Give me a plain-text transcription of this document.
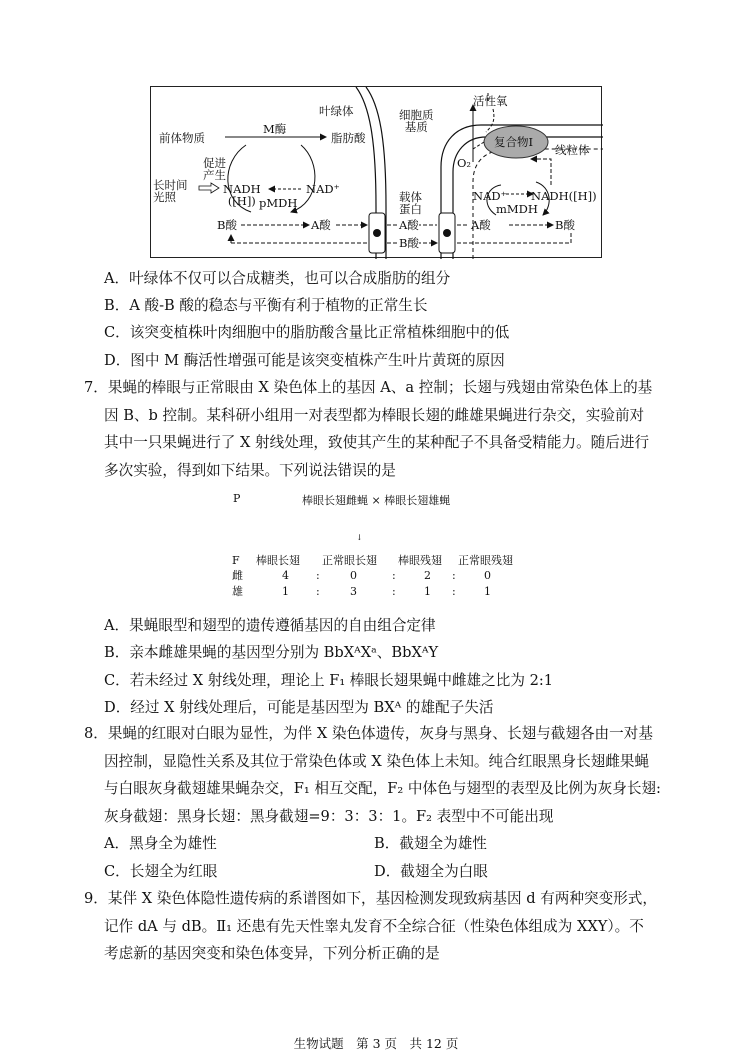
叶绿体	细胞质
基质
活性氧
复合物Ⅰ
线粒体
前体物质
M酶
脂肪酸
促进
产生
长时间
光照
NADH
([H])
NAD⁺
pMDH
B酸	A酸
载体
蛋白
A酸
B酸
O₂
NAD⁺ NADH([H])
mMDH
A酸	B酸
A．叶绿体不仅可以合成糖类，也可以合成脂肪的组分
B．A 酸-B 酸的稳态与平衡有利于植物的正常生长
C．该突变植株叶肉细胞中的脂肪酸含量比正常植株细胞中的低
D．图中 M 酶活性增强可能是该突变植株产生叶片黄斑的原因
7．果蝇的棒眼与正常眼由 X 染色体上的基因 A、a 控制；长翅与残翅由常染色体上的基
因 B、b 控制。某科研小组用一对表型都为棒眼长翅的雌雄果蝇进行杂交，实验前对
其中一只果蝇进行了 X 射线处理，致使其产生的某种配子不具备受精能力。随后进行
多次实验，得到如下结果。下列说法错误的是
P	棒眼长翅雌蝇 × 棒眼长翅雄蝇
↓
F 棒眼长翅 正常眼长翅 棒眼残翅 正常眼残翅
雌	4 :	0	:	2 :	0
雄	1 :	3	:	1 :	1
A．果蝇眼型和翅型的遗传遵循基因的自由组合定律
B．亲本雌雄果蝇的基因型分别为 BbXᴬXᵃ、BbXᴬY
C．若未经过 X 射线处理，理论上 F₁ 棒眼长翅果蝇中雌雄之比为 2:1
D．经过 X 射线处理后，可能是基因型为 BXᴬ 的雄配子失活
8．果蝇的红眼对白眼为显性，为伴 X 染色体遗传，灰身与黑身、长翅与截翅各由一对基
因控制，显隐性关系及其位于常染色体或 X 染色体上未知。纯合红眼黑身长翅雌果蝇
与白眼灰身截翅雄果蝇杂交，F₁ 相互交配，F₂ 中体色与翅型的表型及比例为灰身长翅:
灰身截翅：黑身长翅：黑身截翅=9：3：3：1。F₂ 表型中不可能出现
A．黑身全为雄性	B．截翅全为雄性
C．长翅全为红眼	D．截翅全为白眼
9．某伴 X 染色体隐性遗传病的系谱图如下，基因检测发现致病基因 d 有两种突变形式，
记作 dA 与 dB。Ⅱ₁ 还患有先天性睾丸发育不全综合征（性染色体组成为 XXY）。不
考虑新的基因突变和染色体变异，下列分析正确的是
生物试题　第 3 页　共 12 页
